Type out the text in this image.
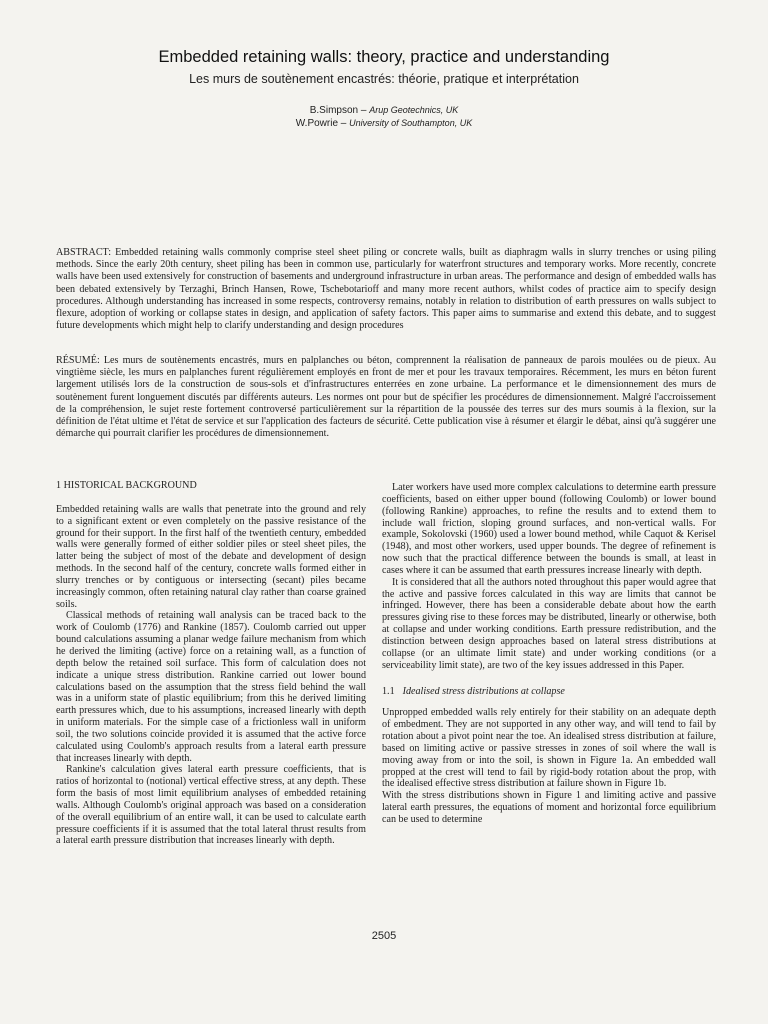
Embedded retaining walls: theory, practice and understanding
Les murs de soutènement encastrés: théorie, pratique et interprétation
B.Simpson – Arup Geotechnics, UK
W.Powrie – University of Southampton, UK

ABSTRACT: Embedded retaining walls commonly comprise steel sheet piling or concrete walls, built as diaphragm walls in slurry trenches or using piling methods. Since the early 20th century, sheet piling has been in common use, particularly for waterfront structures and temporary works. More recently, concrete walls have been used extensively for construction of basements and underground infrastructure in urban areas. The performance and design of embedded walls has been debated extensively by Terzaghi, Brinch Hansen, Rowe, Tschebotarioff and many more recent authors, whilst codes of practice aim to specify design procedures. Although understanding has increased in some respects, controversy remains, notably in relation to distribution of earth pressures on walls subject to flexure, adoption of working or collapse states in design, and application of safety factors. This paper aims to summarise and extend this debate, and to suggest future developments which might help to clarify understanding and design procedures

RÉSUMÉ: Les murs de soutènements encastrés, murs en palplanches ou béton, comprennent la réalisation de panneaux de parois moulées ou de pieux. Au vingtième siècle, les murs en palplanches furent régulièrement employés en front de mer et pour les travaux temporaires. Récemment, les murs en béton furent largement utilisés lors de la construction de sous-sols et d'infrastructures enterrées en zone urbaine. La performance et le dimensionnement des murs de soutènement furent longuement discutés par différents auteurs. Les normes ont pour but de spécifier les procédures de dimensionnement. Malgré l'accroissement de la compréhension, le sujet reste fortement controversé particulièrement sur la répartition de la poussée des terres sur des murs soumis à la flexion, sur la définition de l'état ultime et l'état de service et sur l'application des facteurs de sécurité. Cette publication vise à résumer et élargir le débat, ainsi qu'à suggérer une démarche qui pourrait clarifier les procédures de dimensionnement.

1 HISTORICAL BACKGROUND

Embedded retaining walls are walls that penetrate into the ground and rely to a significant extent or even completely on the passive resistance of the ground for their support. In the first half of the twentieth century, embedded walls were generally formed of either soldier piles or steel sheet piles, the latter being the subject of most of the debate and development of design methods. In the second half of the century, concrete walls formed either in slurry trenches or by contiguous or intersecting (secant) piles became increasingly common, often retaining natural clay rather than coarse grained soils.

Classical methods of retaining wall analysis can be traced back to the work of Coulomb (1776) and Rankine (1857). Coulomb carried out upper bound calculations assuming a planar wedge failure mechanism from which he derived the limiting (active) force on a retaining wall, as a function of depth below the retained soil surface. This form of calculation does not indicate a unique stress distribution. Rankine carried out lower bound calculations based on the assumption that the stress field behind the wall was in a uniform state of plastic equilibrium; from this he derived limiting earth pressures which, due to his assumptions, increased linearly with depth in uniform materials. For the simple case of a frictionless wall in uniform soil, the two solutions coincide provided it is assumed that the active force calculated using Coulomb's approach results from a lateral earth pressure that increases linearly with depth.

Rankine's calculation gives lateral earth pressure coefficients, that is ratios of horizontal to (notional) vertical effective stress, at any depth. These form the basis of most limit equilibrium analyses of embedded retaining walls. Although Coulomb's original approach was based on a consideration of the overall equilibrium of an entire wall, it can be used to calculate earth pressure coefficients if it is assumed that the total lateral thrust results from a lateral earth pressure distribution that increases linearly with depth.

Later workers have used more complex calculations to determine earth pressure coefficients, based on either upper bound (following Coulomb) or lower bound (following Rankine) approaches, to refine the results and to extend them to include wall friction, sloping ground surfaces, and non-vertical walls. For example, Sokolovski (1960) used a lower bound method, while Caquot & Kerisel (1948), and most other workers, used upper bounds. The degree of refinement is now such that the practical difference between the bounds is small, at least in cases where it can be assumed that earth pressures increase linearly with depth.

It is considered that all the authors noted throughout this paper would agree that the active and passive forces calculated in this way are limits that cannot be infringed. However, there has been a considerable debate about how the earth pressures giving rise to these forces may be distributed, linearly or otherwise, both at collapse and under working conditions. Earth pressure redistribution, and the distinction between design approaches based on lateral stress distributions at collapse (or an ultimate limit state) and under working conditions (or a serviceability limit state), are two of the key issues addressed in this Paper.

1.1 Idealised stress distributions at collapse

Unpropped embedded walls rely entirely for their stability on an adequate depth of embedment. They are not supported in any other way, and will tend to fail by rotation about a pivot point near the toe. An idealised stress distribution at failure, based on limiting active or passive stresses in zones of soil where the wall is moving away from or into the soil, is shown in Figure 1a. An embedded wall propped at the crest will tend to fail by rigid-body rotation about the prop, with the idealised effective stress distribution at failure shown in Figure 1b.

With the stress distributions shown in Figure 1 and limiting active and passive lateral earth pressures, the equations of moment and horizontal force equilibrium can be used to determine

2505
